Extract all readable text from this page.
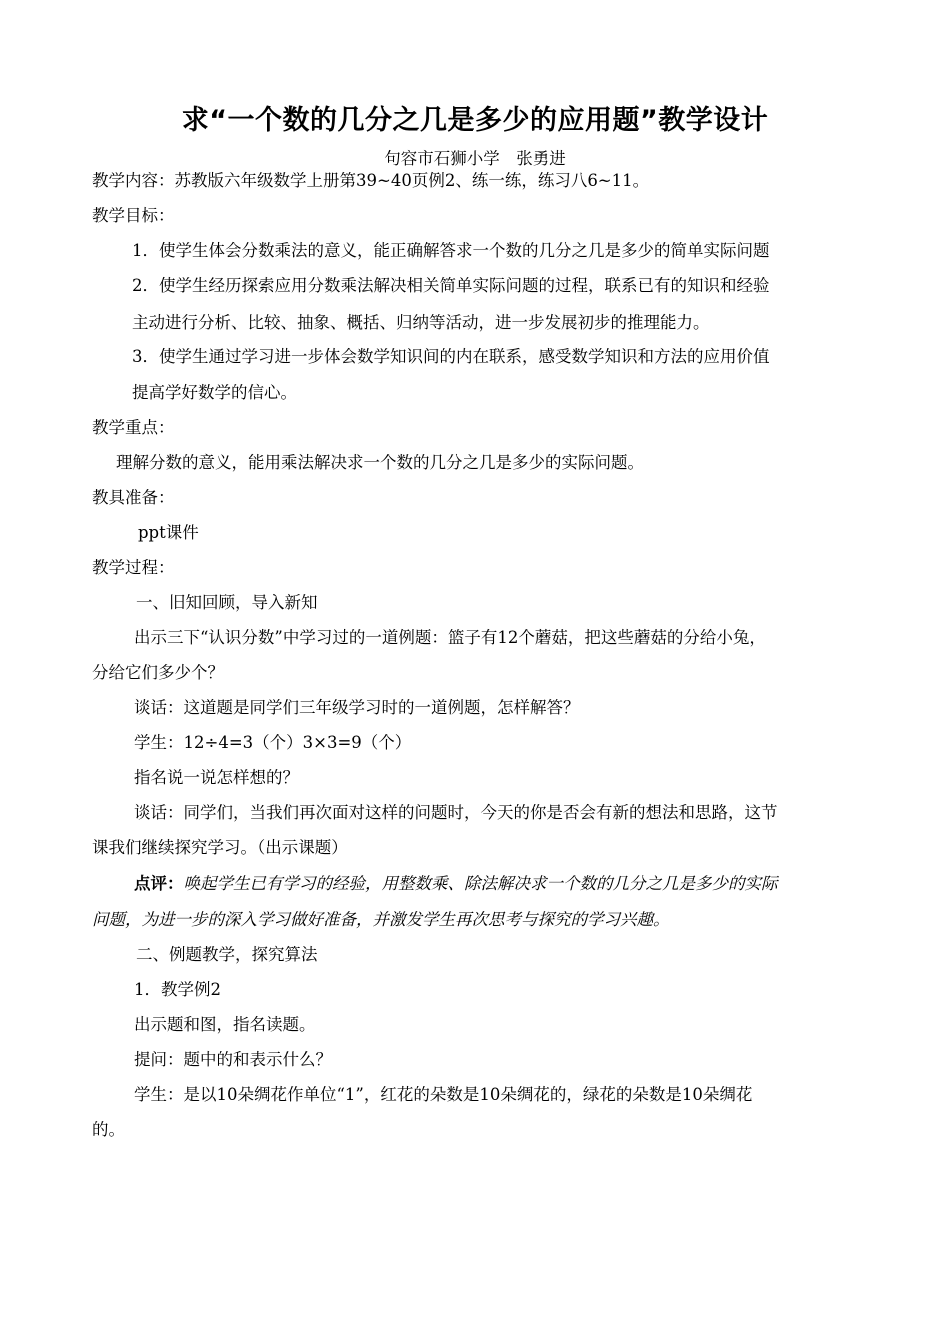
求“一个数的几分之几是多少的应用题”教学设计
句容市石狮小学　张勇进
教学内容：苏教版六年级数学上册第39~40页例2、练一练，练习八6~11。
教学目标：
1．使学生体会分数乘法的意义，能正确解答求一个数的几分之几是多少的简单实际问题
2．使学生经历探索应用分数乘法解决相关简单实际问题的过程，联系已有的知识和经验
主动进行分析、比较、抽象、概括、归纳等活动，进一步发展初步的推理能力。
3．使学生通过学习进一步体会数学知识间的内在联系，感受数学知识和方法的应用价值
提高学好数学的信心。
教学重点：
理解分数的意义，能用乘法解决求一个数的几分之几是多少的实际问题。
教具准备：
ppt课件
教学过程：
一、旧知回顾，导入新知
出示三下“认识分数”中学习过的一道例题：篮子有12个蘑菇，把这些蘑菇的分给小兔，
分给它们多少个？
谈话：这道题是同学们三年级学习时的一道例题，怎样解答？
学生：12÷4=3（个）3×3=9（个）
指名说一说怎样想的？
谈话：同学们，当我们再次面对这样的问题时，今天的你是否会有新的想法和思路，这节
课我们继续探究学习。（出示课题）
点评：唤起学生已有学习的经验，用整数乘、除法解决求一个数的几分之几是多少的实际
问题，为进一步的深入学习做好准备，并激发学生再次思考与探究的学习兴趣。
二、例题教学，探究算法
1．教学例2
出示题和图，指名读题。
提问：题中的和表示什么？
学生：是以10朵绸花作单位“1”，红花的朵数是10朵绸花的，绿花的朵数是10朵绸花
的。
